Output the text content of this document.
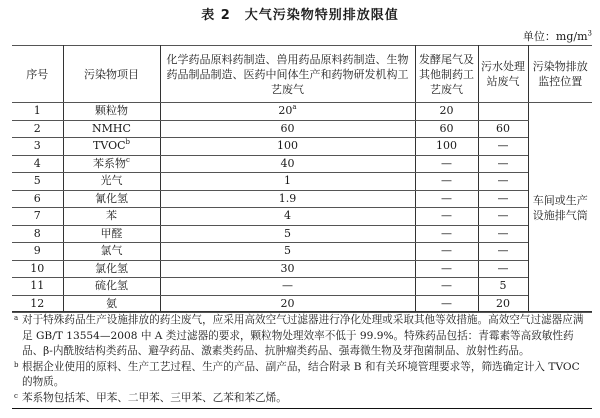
表 2　大气污染物特别排放限值
单位：$mg/m^3$
序号	污染物项目	化学药品原料药制造、兽用药品原料药制造、生物药品制品制造、医药中间体生产和药物研发机构工艺废气	发酵尾气及其他制药工艺废气	污水处理站废气	污染物排放监控位置
1	颗粒物	20$^a$	20		车间或生产设施排气筒
2	NMHC	60	60	60	
3	TVOC$^b$	100	100	—	
4	苯系物$^c$	40	—	—	
5	光气	1	—	—	
6	氰化氢	1.9	—	—	
7	苯	4	—	—	
8	甲醛	5	—	—	
9	氯气	5	—	—	
10	氯化氢	30	—	—	
11	硫化氢	—	—	5	
12	氨	20	—	20	
a 对于特殊药品生产设施排放的药尘废气，应采用高效空气过滤器进行净化处理或采取其他等效措施。高效空气过滤器应满足 GB/T 13554—2008 中 A 类过滤器的要求，颗粒物处理效率不低于 99.9%。特殊药品包括：青霉素等高致敏性药品、β-内酰胺结构类药品、避孕药品、激素类药品、抗肿瘤类药品、强毒微生物及芽孢菌制品、放射性药品。
b 根据企业使用的原料、生产工艺过程、生产的产品、副产品，结合附录 B 和有关环境管理要求等，筛选确定计入 TVOC 的物质。
c 苯系物包括苯、甲苯、二甲苯、三甲苯、乙苯和苯乙烯。
